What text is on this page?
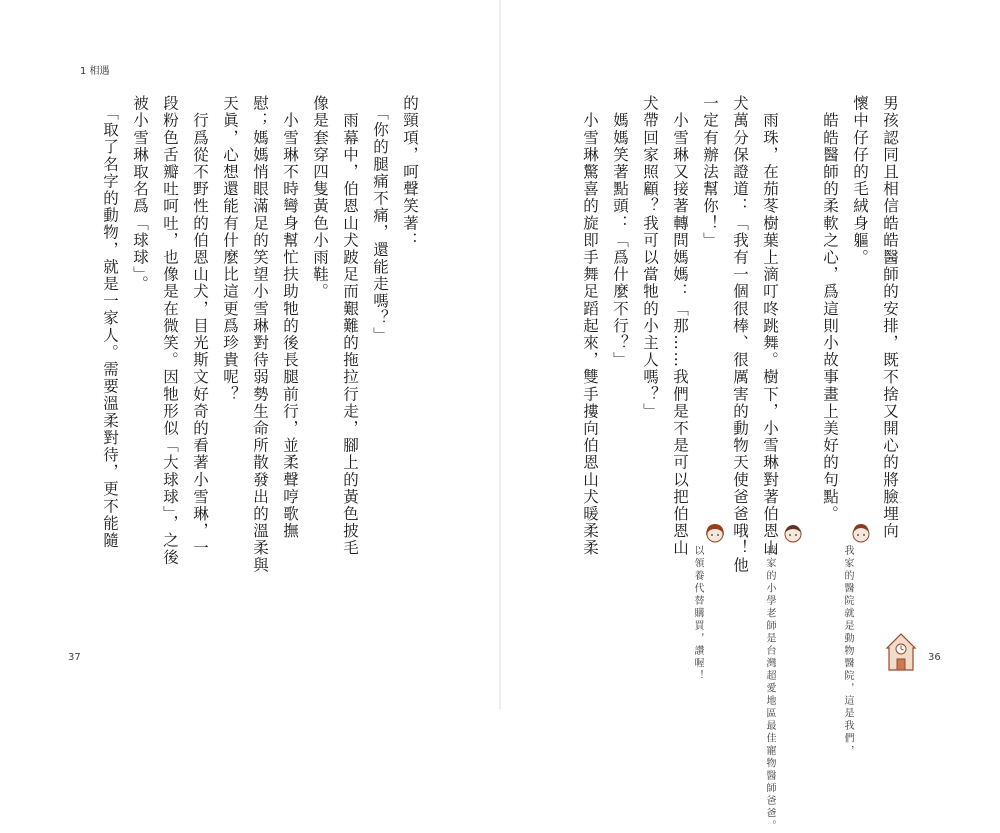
1 相遇
男孩認同且相信皓皓醫師的安排，既不捨又開心的將臉埋向
懷中仔仔的毛絨身軀。
　皓皓醫師的柔軟之心，爲這則小故事畫上美好的句點。
　雨珠，在茄苳樹葉上滴叮咚跳舞。樹下，小雪琳對著伯恩山
犬萬分保證道：「我有一個很棒、很厲害的動物天使爸爸哦！他
一定有辦法幫你！」
　小雪琳又接著轉問媽媽：「那……我們是不是可以把伯恩山
犬帶回家照顧？我可以當牠的小主人嗎？」
　媽媽笑著點頭：「爲什麼不行？」
　小雪琳驚喜的旋即手舞足蹈起來，雙手摟向伯恩山犬暖柔柔
我家的醫院就是動物醫院，這是我們，
我家的小學老師是台灣超愛地區最佳寵物醫師爸爸。
以領養代替購買，讚喔！
的頸項，呵聲笑著：
　「你的腿痛不痛，還能走嗎？」
　雨幕中，伯恩山犬跛足而艱難的拖拉行走，腳上的黃色披毛
像是套穿四隻黃色小雨鞋。
　小雪琳不時彎身幫忙扶助牠的後長腿前行，並柔聲哼歌撫
慰；媽媽悄眼滿足的笑望小雪琳對待弱勢生命所散發出的溫柔與
天眞，心想還能有什麼比這更爲珍貴呢？
　行爲從不野性的伯恩山犬，目光斯文好奇的看著小雪琳，一
段粉色舌瓣吐呵吐，也像是在微笑。因牠形似「大球球」，之後
被小雪琳取名爲「球球」。
　「取了名字的動物，就是一家人。需要溫柔對待，更不能隨
37	36
